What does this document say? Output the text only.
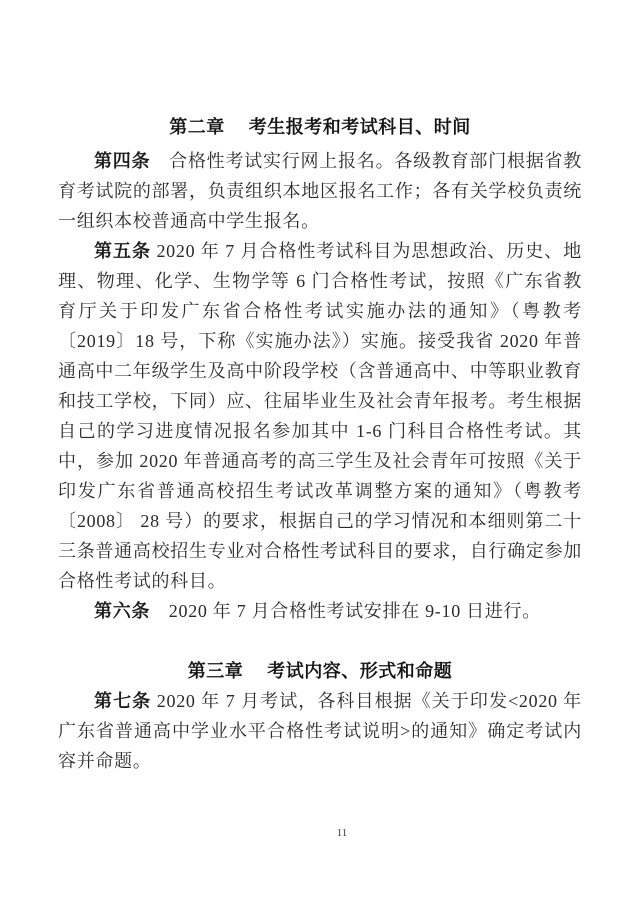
第二章　 考生报考和考试科目、时间

第四条　合格性考试实行网上报名。各级教育部门根据省教育考试院的部署，负责组织本地区报名工作；各有关学校负责统一组织本校普通高中学生报名。

第五条 2020 年 7 月合格性考试科目为思想政治、历史、地理、物理、化学、生物学等 6 门合格性考试，按照《广东省教育厅关于印发广东省合格性考试实施办法的通知》（粤教考〔2019〕18 号，下称《实施办法》）实施。接受我省 2020 年普通高中二年级学生及高中阶段学校（含普通高中、中等职业教育和技工学校，下同）应、往届毕业生及社会青年报考。考生根据自己的学习进度情况报名参加其中 1-6 门科目合格性考试。其中，参加 2020 年普通高考的高三学生及社会青年可按照《关于印发广东省普通高校招生考试改革调整方案的通知》（粤教考〔2008〕 28 号）的要求，根据自己的学习情况和本细则第二十三条普通高校招生专业对合格性考试科目的要求，自行确定参加合格性考试的科目。

第六条　2020 年 7 月合格性考试安排在 9-10 日进行。

第三章　 考试内容、形式和命题

第七条 2020 年 7 月考试，各科目根据《关于印发<2020 年广东省普通高中学业水平合格性考试说明>的通知》确定考试内容并命题。

11
